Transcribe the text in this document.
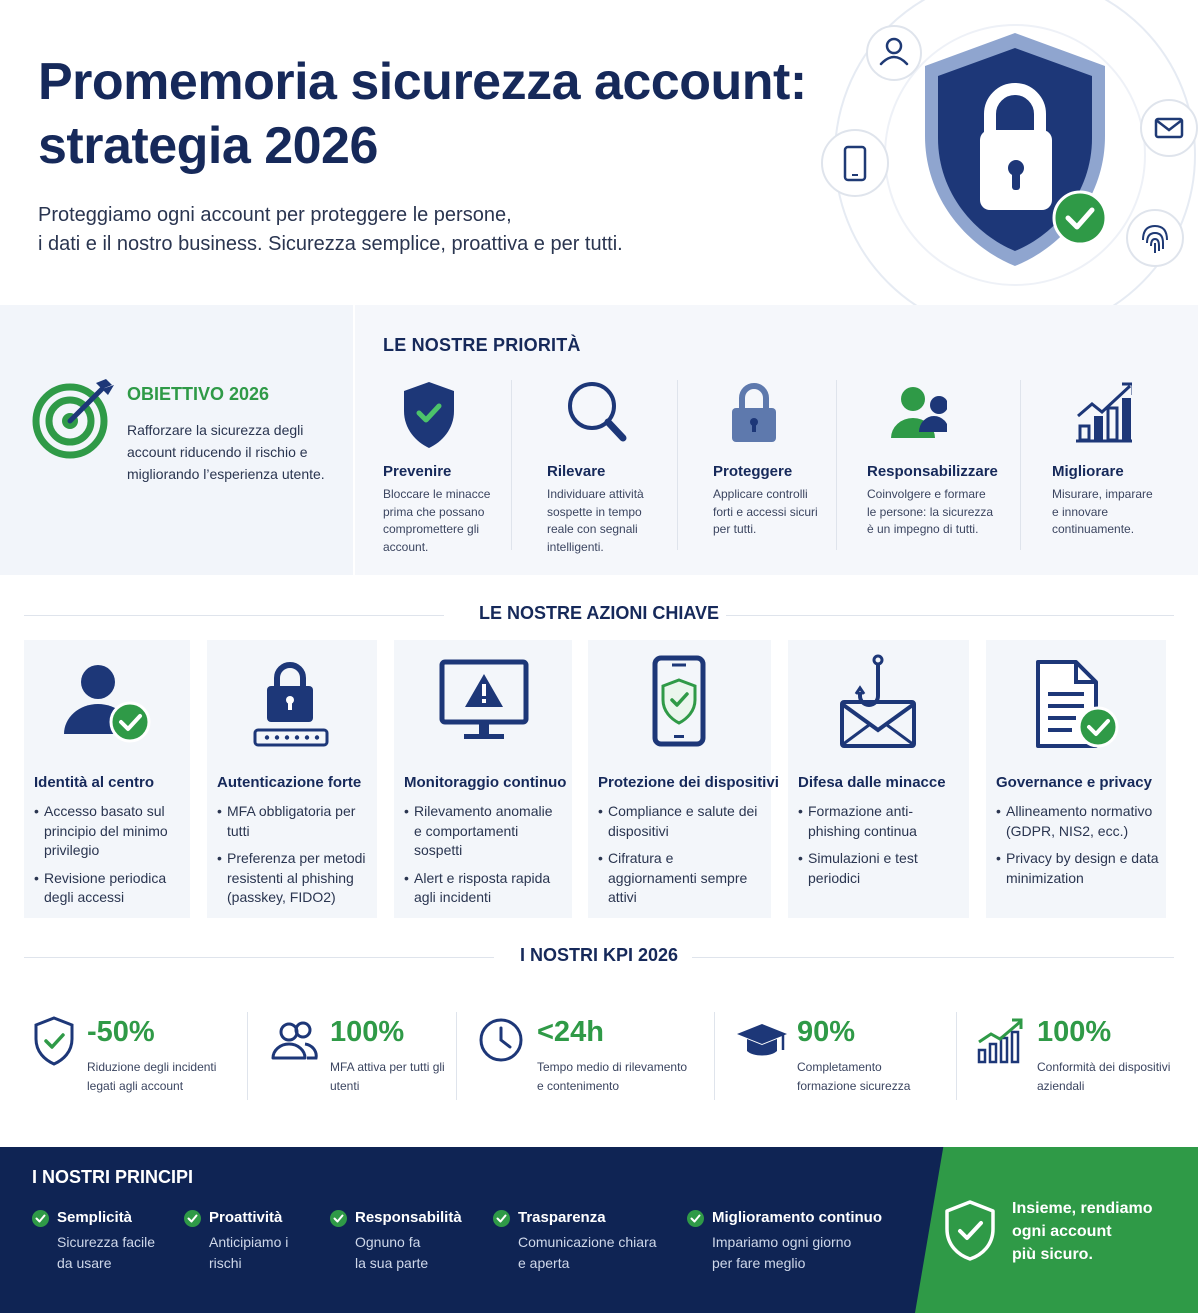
Promemoria sicurezza account:
strategia 2026

Proteggiamo ogni account per proteggere le persone,
i dati e il nostro business. Sicurezza semplice, proattiva e per tutti.

OBIETTIVO 2026

Rafforzare la sicurezza degli account riducendo il rischio e migliorando l’esperienza utente.

LE NOSTRE PRIORITÀ
Prevenire

Bloccare le minacce prima che possano compromettere gli account.

Rilevare

Individuare attività sospette in tempo reale con segnali intelligenti.

Proteggere

Applicare controlli forti e accessi sicuri per tutti.

Responsabilizzare

Coinvolgere e formare le persone: la sicurezza è un impegno di tutti.

Migliorare

Misurare, imparare e innovare continuamente.

LE NOSTRE AZIONI CHIAVE
Identità al centro
• Accesso basato sul principio del minimo privilegio
• Revisione periodica degli accessi
Autenticazione forte
• MFA obbligatoria per tutti
• Preferenza per metodi resistenti al phishing (passkey, FIDO2)
Monitoraggio continuo
• Rilevamento anomalie e comportamenti sospetti
• Alert e risposta rapida agli incidenti
Protezione dei dispositivi
• Compliance e salute dei dispositivi
• Cifratura e aggiornamenti sempre attivi
Difesa dalle minacce
• Formazione anti-phishing continua
• Simulazioni e test periodici
Governance e privacy
• Allineamento normativo (GDPR, NIS2, ecc.)
• Privacy by design e data minimization
I NOSTRI KPI 2026
-50%
Riduzione degli incidenti legati agli account
100%
MFA attiva per tutti gli utenti
<24h
Tempo medio di rilevamento e contenimento
90%
Completamento formazione sicurezza
100%
Conformità dei dispositivi aziendali
I NOSTRI PRINCIPI
Semplicità

Sicurezza facile da usare

Proattività

Anticipiamo i rischi

Responsabilità

Ognuno fa la sua parte

Trasparenza

Comunicazione chiara e aperta

Miglioramento continuo

Impariamo ogni giorno per fare meglio

Insieme, rendiamo
ogni account
più sicuro.
